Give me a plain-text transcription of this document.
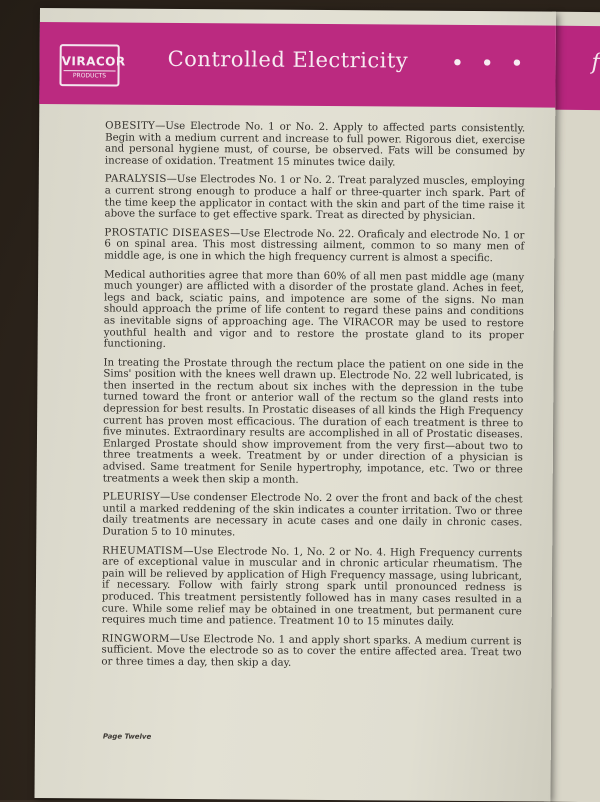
f
VIRACOR
PRODUCTS
Controlled Electricity • • •

OBESITY—Use Electrode No. 1 or No. 2. Apply to affected parts consistently. Begin with a medium current and increase to full power. Rigorous diet, exercise and personal hygiene must, of course, be observed. Fats will be consumed by increase of oxidation. Treatment 15 minutes twice daily.

PARALYSIS—Use Electrodes No. 1 or No. 2. Treat paralyzed muscles, employing a current strong enough to produce a half or three-quarter inch spark. Part of the time keep the applicator in contact with the skin and part of the time raise it above the surface to get effective spark. Treat as directed by physician.

PROSTATIC DISEASES—Use Electrode No. 22. Oraficaly and electrode No. 1 or 6 on spinal area. This most distressing ailment, common to so many men of middle age, is one in which the high frequency current is almost a specific.

Medical authorities agree that more than 60% of all men past middle age (many much younger) are afflicted with a disorder of the prostate gland. Aches in feet, legs and back, sciatic pains, and impotence are some of the signs. No man should approach the prime of life content to regard these pains and conditions as inevitable signs of approaching age. The VIRACOR may be used to restore youthful health and vigor and to restore the prostate gland to its proper functioning.

In treating the Prostate through the rectum place the patient on one side in the Sims' position with the knees well drawn up. Electrode No. 22 well lubricated, is then inserted in the rectum about six inches with the depression in the tube turned toward the front or anterior wall of the rectum so the gland rests into depression for best results. In Prostatic diseases of all kinds the High Frequency current has proven most efficacious. The duration of each treatment is three to five minutes. Extraordinary results are accomplished in all of Prostatic diseases. Enlarged Prostate should show improvement from the very first—about two to three treatments a week. Treatment by or under direction of a physician is advised. Same treatment for Senile hypertrophy, impotance, etc. Two or three treatments a week then skip a month.

PLEURISY—Use condenser Electrode No. 2 over the front and back of the chest until a marked reddening of the skin indicates a counter irritation. Two or three daily treatments are necessary in acute cases and one daily in chronic cases. Duration 5 to 10 minutes.

RHEUMATISM—Use Electrode No. 1, No. 2 or No. 4. High Frequency currents are of exceptional value in muscular and in chronic articular rheumatism. The pain will be relieved by application of High Frequency massage, using lubricant, if necessary. Follow with fairly strong spark until pronounced redness is produced. This treatment persistently followed has in many cases resulted in a cure. While some relief may be obtained in one treatment, but permanent cure requires much time and patience. Treatment 10 to 15 minutes daily.

RINGWORM—Use Electrode No. 1 and apply short sparks. A medium current is sufficient. Move the electrode so as to cover the entire affected area. Treat two or three times a day, then skip a day.

Page Twelve
